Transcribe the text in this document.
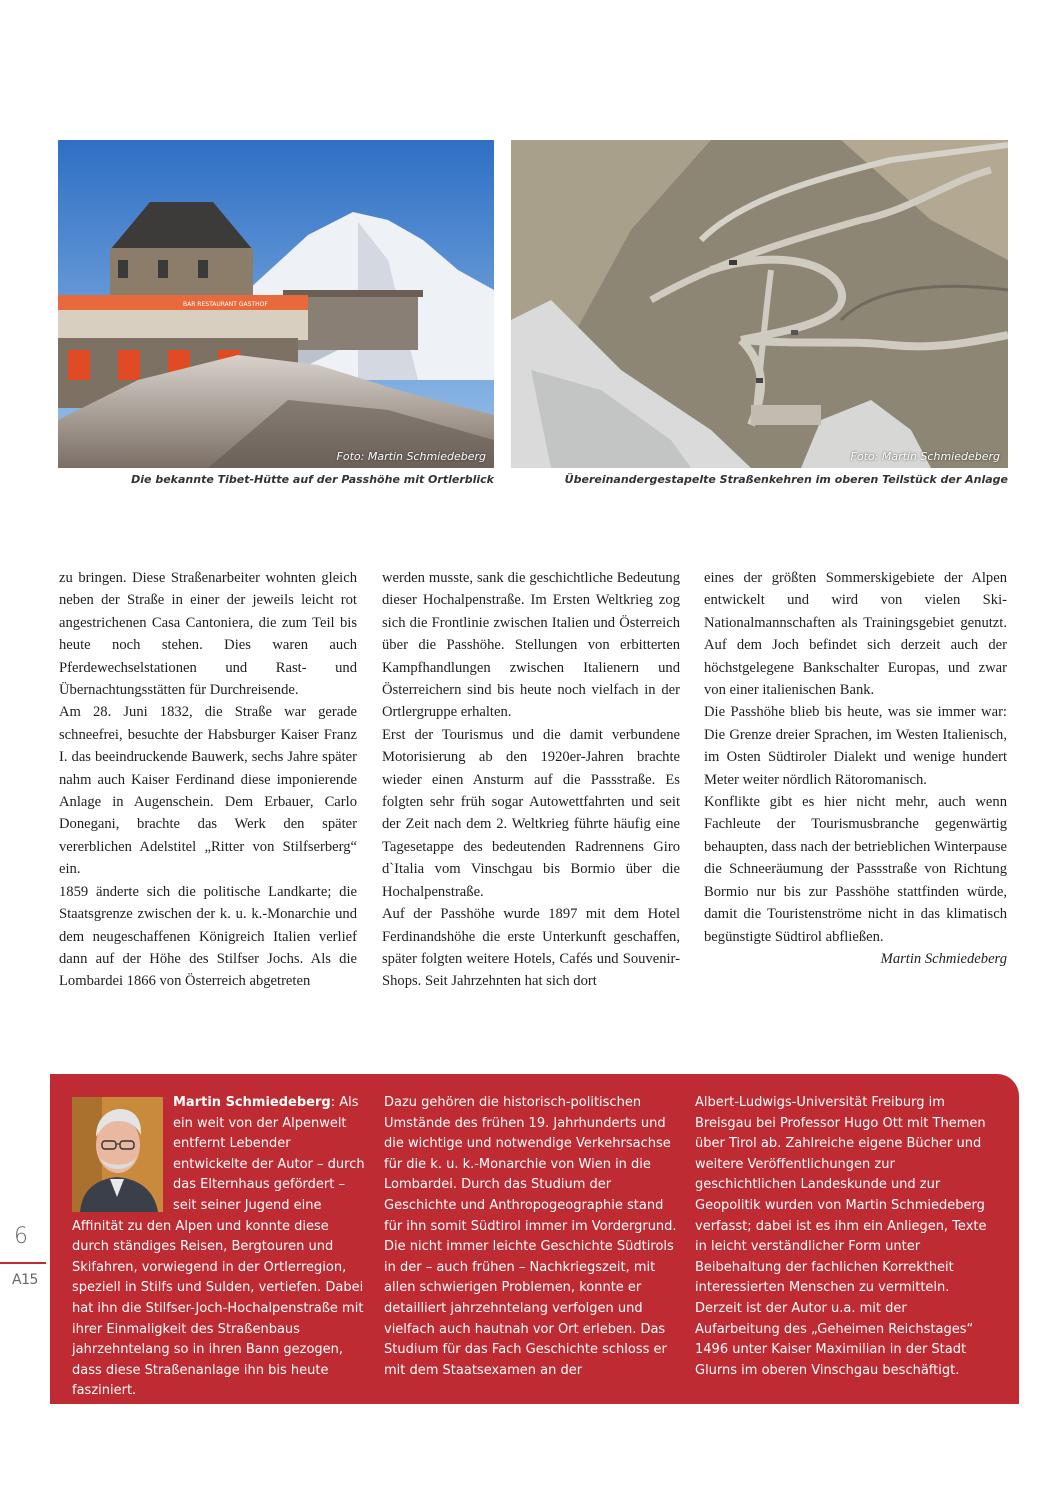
BAR RESTAURANT GASTHOF
Foto: Martin Schmiedeberg
Die bekannte Tibet-Hütte auf der Passhöhe mit Ortlerblick
Foto: Martin Schmiedeberg
Übereinandergestapelte Straßenkehren im oberen Teilstück der Anlage

zu bringen. Diese Straßenarbeiter wohnten gleich neben der Straße in einer der jeweils leicht rot angestrichenen Casa Cantoniera, die zum Teil bis heute noch stehen. Dies waren auch Pferdewechselstationen und Rast- und Übernachtungsstätten für Durchreisende.

Am 28. Juni 1832, die Straße war gerade schneefrei, besuchte der Habsburger Kaiser Franz I. das beeindruckende Bauwerk, sechs Jahre später nahm auch Kaiser Ferdinand diese imponierende Anlage in Augenschein. Dem Erbauer, Carlo Donegani, brachte das Werk den später vererblichen Adelstitel „Ritter von Stilfserberg“ ein.

1859 änderte sich die politische Landkarte; die Staatsgrenze zwischen der k. u. k.-Monarchie und dem neugeschaffenen Königreich Italien verlief dann auf der Höhe des Stilfser Jochs. Als die Lombardei 1866 von Österreich abgetreten

werden musste, sank die geschichtliche Bedeutung dieser Hochalpenstraße. Im Ersten Weltkrieg zog sich die Frontlinie zwischen Italien und Österreich über die Passhöhe. Stellungen von erbitterten Kampfhandlungen zwischen Italienern und Österreichern sind bis heute noch vielfach in der Ortlergruppe erhalten.

Erst der Tourismus und die damit verbundene Motorisierung ab den 1920er-Jahren brachte wieder einen Ansturm auf die Passstraße. Es folgten sehr früh sogar Autowettfahrten und seit der Zeit nach dem 2. Weltkrieg führte häufig eine Tagesetappe des bedeutenden Radrennens Giro d`Italia vom Vinschgau bis Bormio über die Hochalpenstraße.

Auf der Passhöhe wurde 1897 mit dem Hotel Ferdinandshöhe die erste Unterkunft geschaffen, später folgten weitere Hotels, Cafés und Souvenir-Shops. Seit Jahrzehnten hat sich dort

eines der größten Sommerskigebiete der Alpen entwickelt und wird von vielen Ski-Nationalmannschaften als Trainingsgebiet genutzt. Auf dem Joch befindet sich derzeit auch der höchstgelegene Bankschalter Europas, und zwar von einer italienischen Bank.

Die Passhöhe blieb bis heute, was sie immer war: Die Grenze dreier Sprachen, im Westen Italienisch, im Osten Südtiroler Dialekt und wenige hundert Meter weiter nördlich Rätoromanisch.

Konflikte gibt es hier nicht mehr, auch wenn Fachleute der Tourismusbranche gegenwärtig behaupten, dass nach der betrieblichen Winterpause die Schneeräumung der Passstraße von Richtung Bormio nur bis zur Passhöhe stattfinden würde, damit die Touristenströme nicht in das klimatisch begünstigte Südtirol abfließen.

Martin Schmiedeberg

Martin Schmiedeberg: Als ein weit von der Alpenwelt entfernt Lebender entwickelte der Autor – durch das Elternhaus gefördert – seit seiner Jugend eine Affinität zu den Alpen und konnte diese durch ständiges Reisen, Bergtouren und Skifahren, vorwiegend in der Ortlerregion, speziell in Stilfs und Sulden, vertiefen. Dabei hat ihn die Stilfser-Joch-Hochalpenstraße mit ihrer Einmaligkeit des Straßenbaus jahrzehntelang so in ihren Bann gezogen, dass diese Straßenanlage ihn bis heute fasziniert.

Dazu gehören die historisch-politischen Umstände des frühen 19. Jahrhunderts und die wichtige und notwendige Verkehrsachse für die k. u. k.-Monarchie von Wien in die Lombardei. Durch das Studium der Geschichte und Anthropogeographie stand für ihn somit Südtirol immer im Vordergrund. Die nicht immer leichte Geschichte Südtirols in der – auch frühen – Nachkriegszeit, mit allen schwierigen Problemen, konnte er detailliert jahrzehntelang verfolgen und vielfach auch hautnah vor Ort erleben. Das Studium für das Fach Geschichte schloss er mit dem Staatsexamen an der

Albert-Ludwigs-Universität Freiburg im Breisgau bei Professor Hugo Ott mit Themen über Tirol ab. Zahlreiche eigene Bücher und weitere Veröffentlichungen zur geschichtlichen Landeskunde und zur Geopolitik wurden von Martin Schmiedeberg verfasst; dabei ist es ihm ein Anliegen, Texte in leicht verständlicher Form unter Beibehaltung der fachlichen Korrektheit interessierten Menschen zu vermitteln. Derzeit ist der Autor u.a. mit der Aufarbeitung des „Geheimen Reichstages“ 1496 unter Kaiser Maximilian in der Stadt Glurns im oberen Vinschgau beschäftigt.

6
A15
